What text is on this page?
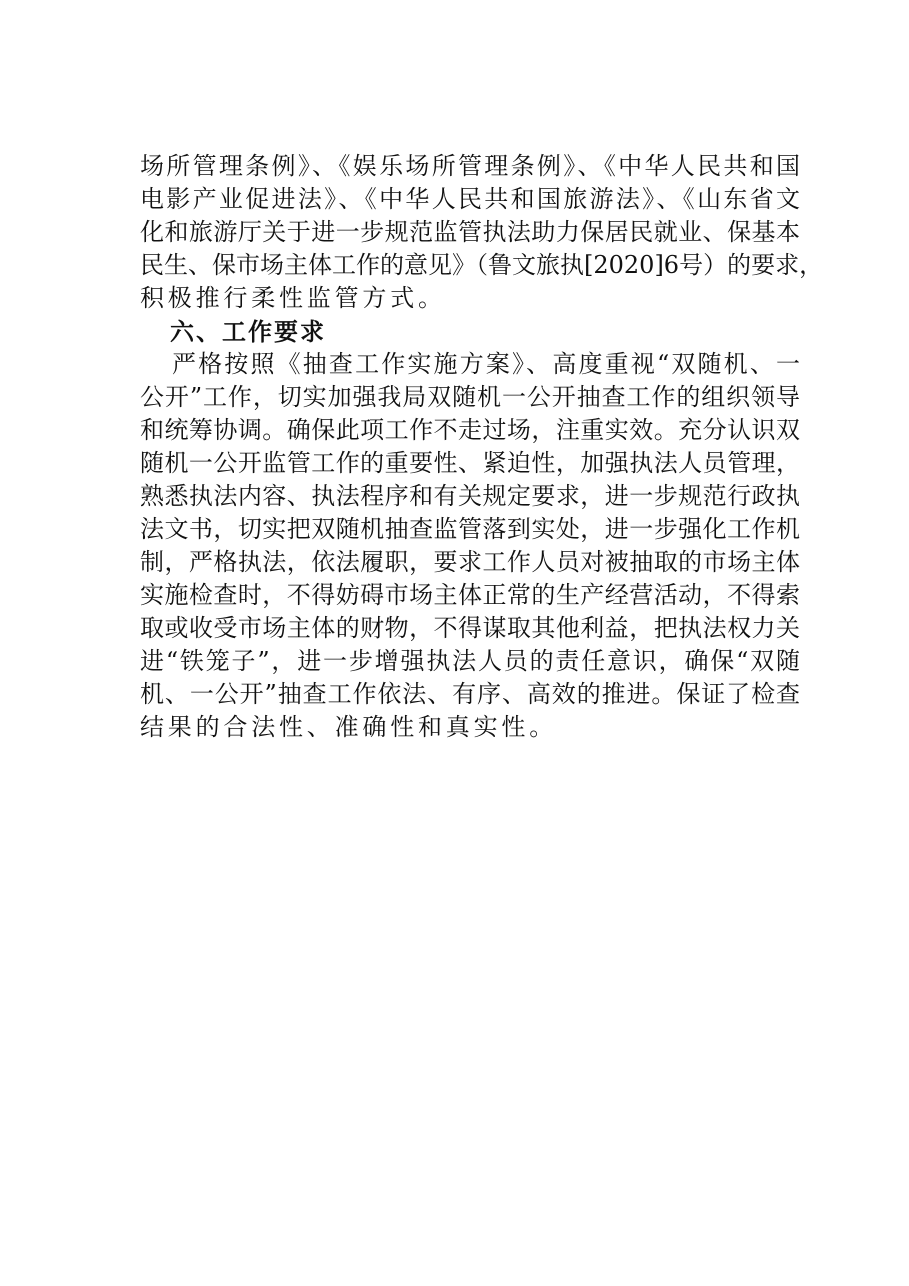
场所管理条例》、《娱乐场所管理条例》、《中华人民共和国
电影产业促进法》、《中华人民共和国旅游法》、《山东省文
化和旅游厅关于进一步规范监管执法助力保居民就业、保基本
民生、保市场主体工作的意见》（鲁文旅执[2020]6号）的要求，
积极推行柔性监管方式。
六、工作要求
严格按照《抽查工作实施方案》、高度重视“双随机、一
公开”工作，切实加强我局双随机一公开抽查工作的组织领导
和统筹协调。确保此项工作不走过场，注重实效。充分认识双
随机一公开监管工作的重要性、紧迫性，加强执法人员管理，
熟悉执法内容、执法程序和有关规定要求，进一步规范行政执
法文书，切实把双随机抽查监管落到实处，进一步强化工作机
制，严格执法，依法履职，要求工作人员对被抽取的市场主体
实施检查时，不得妨碍市场主体正常的生产经营活动，不得索
取或收受市场主体的财物，不得谋取其他利益，把执法权力关
进“铁笼子”，进一步增强执法人员的责任意识，确保“双随
机、一公开”抽查工作依法、有序、高效的推进。保证了检查
结果的合法性、准确性和真实性。
